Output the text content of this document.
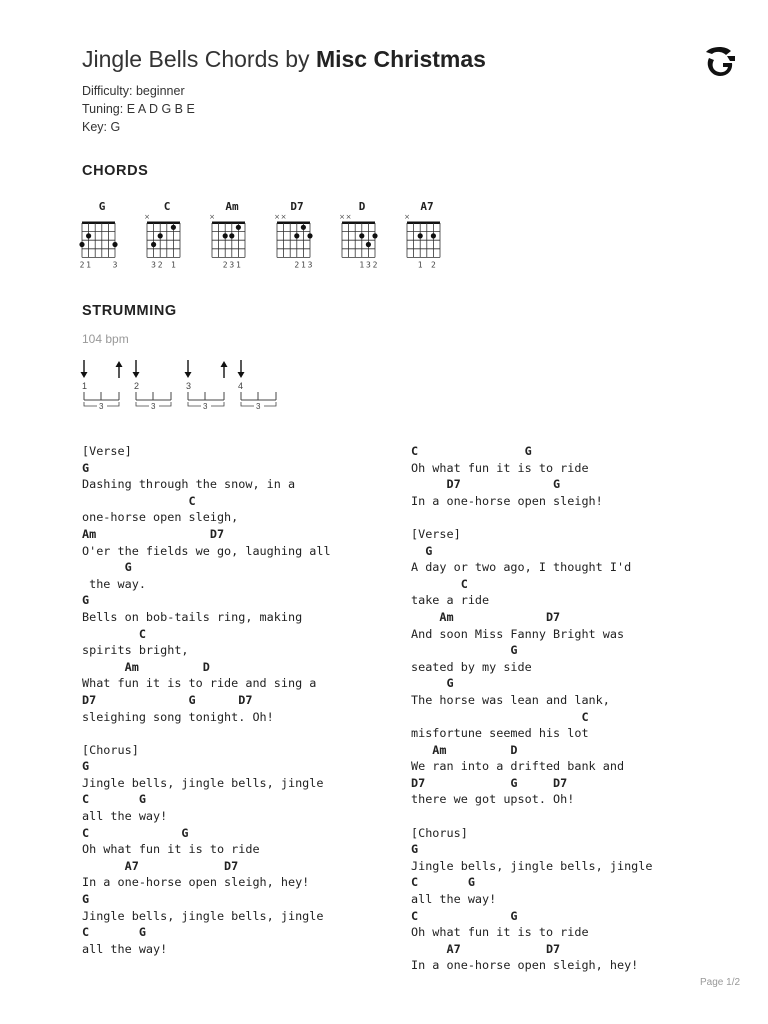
Jingle Bells Chords by Misc Christmas
Difficulty: beginner
Tuning: E A D G B E
Key: G
CHORDS
G
2 1	3
C
×
3 2 1
Am
×
2 3 1
D7
× ×
2 1 3
D
× ×
1 3 2
A7
×
1 2
STRUMMING
104 bpm
1	2	3	4
3	3	3	3
[Verse]
G
Dashing through the snow, in a
C
one-horse open sleigh,
Am                D7
O'er the fields we go, laughing all
G
the way.
G
Bells on bob-tails ring, making
C
spirits bright,
Am         D
What fun it is to ride and sing a
D7             G      D7
sleighing song tonight. Oh!
[Chorus]
G
Jingle bells, jingle bells, jingle
C       G
all the way!
C             G
Oh what fun it is to ride
A7            D7
In a one-horse open sleigh, hey!
G
Jingle bells, jingle bells, jingle
C       G
all the way!
C               G
Oh what fun it is to ride
D7             G
In a one-horse open sleigh!
[Verse]
G
A day or two ago, I thought I'd
C
take a ride
Am             D7
And soon Miss Fanny Bright was
G
seated by my side
G
The horse was lean and lank,
C
misfortune seemed his lot
Am         D
We ran into a drifted bank and
D7            G     D7
there we got upsot. Oh!
[Chorus]
G
Jingle bells, jingle bells, jingle
C       G
all the way!
C             G
Oh what fun it is to ride
A7            D7
In a one-horse open sleigh, hey!
Page 1/2
